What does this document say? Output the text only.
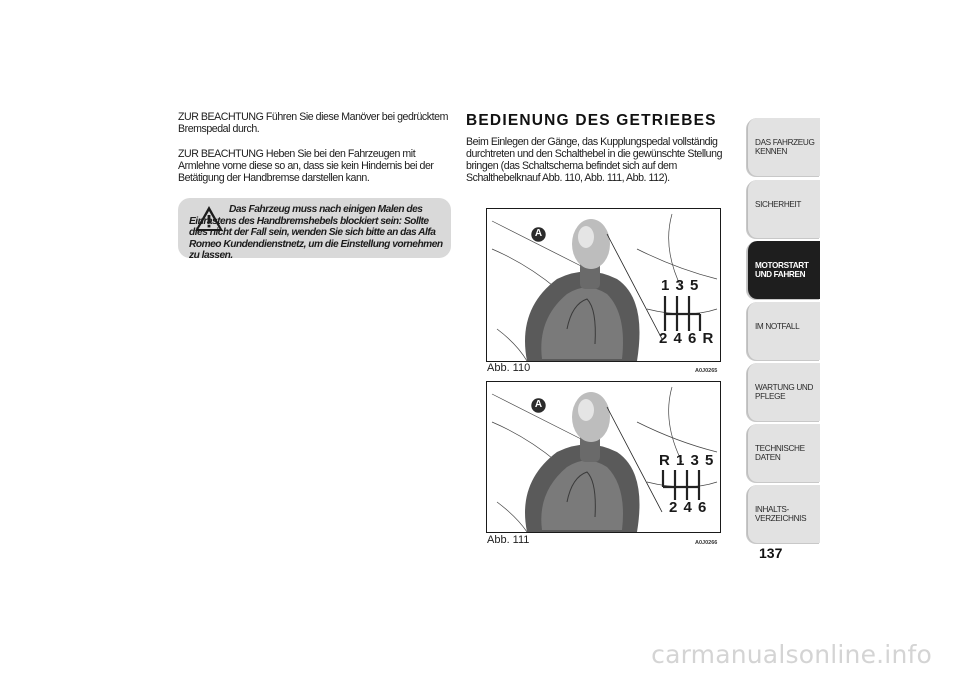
ZUR BEACHTUNG Führen Sie diese Manöver bei gedrücktem Bremspedal durch.
ZUR BEACHTUNG Heben Sie bei den Fahrzeugen mit Armlehne vorne diese so an, dass sie kein Hindernis bei der Betätigung der Handbremse darstellen kann.
Das Fahrzeug muss nach einigen Malen des Einrastens des Handbremshebels blockiert sein: Sollte dies nicht der Fall sein, wenden Sie sich bitte an das Alfa Romeo Kundendienstnetz, um die Einstellung vornehmen zu lassen.
BEDIENUNG DES GETRIEBES
Beim Einlegen der Gänge, das Kupplungspedal vollständig durchtreten und den Schalthebel in die gewünschte Stellung bringen (das Schaltschema befindet sich auf dem Schalthebelknauf Abb. 110, Abb. 111, Abb. 112).
A
1 3 5
2 4 6 R
Abb. 110	A0J0265
A
R 1 3 5
2 4 6
Abb. 111	A0J0266
DAS FAHRZEUG KENNEN
SICHERHEIT
MOTORSTART UND FAHREN
IM NOTFALL
WARTUNG UND PFLEGE
TECHNISCHE DATEN
INHALTS-VERZEICHNIS
137
carmanualsonline.info
